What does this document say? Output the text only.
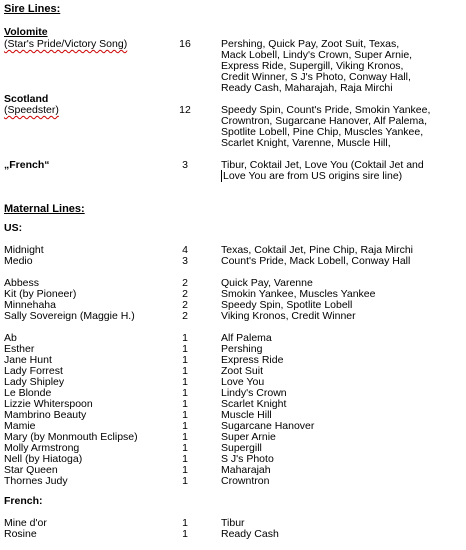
Sire Lines:
Volomite
(Star's Pride/Victory Song)	16	Pershing, Quick Pay, Zoot Suit, Texas,
Mack Lobell, Lindy's Crown, Super Arnie,
Express Ride, Supergill, Viking Kronos,
Credit Winner, S J's Photo, Conway Hall,
Ready Cash, Maharajah, Raja Mirchi
Scotland
(Speedster)	12	Speedy Spin, Count's Pride, Smokin Yankee,
Crowntron, Sugarcane Hanover, Alf Palema,
Spotlite Lobell, Pine Chip, Muscles Yankee,
Scarlet Knight, Varenne, Muscle Hill,
„French“	3	Tibur, Coktail Jet, Love You (Coktail Jet and
Love You are from US origins sire line)
Maternal Lines:
US:
Midnight	4	Texas, Coktail Jet, Pine Chip, Raja Mirchi
Medio	3	Count's Pride, Mack Lobell, Conway Hall
Abbess	2	Quick Pay, Varenne
Kit (by Pioneer)	2	Smokin Yankee, Muscles Yankee
Minnehaha	2	Speedy Spin, Spotlite Lobell
Sally Sovereign (Maggie H.)	2	Viking Kronos, Credit Winner
Ab	1	Alf Palema
Esther	1	Pershing
Jane Hunt	1	Express Ride
Lady Forrest	1	Zoot Suit
Lady Shipley	1	Love You
Le Blonde	1	Lindy's Crown
Lizzie Whiterspoon	1	Scarlet Knight
Mambrino Beauty	1	Muscle Hill
Mamie	1	Sugarcane Hanover
Mary (by Monmouth Eclipse)	1	Super Arnie
Molly Armstrong	1	Supergill
Nell (by Hiatoga)	1	S J's Photo
Star Queen	1	Maharajah
Thornes Judy	1	Crowntron
French:
Mine d'or	1	Tibur
Rosine	1	Ready Cash
